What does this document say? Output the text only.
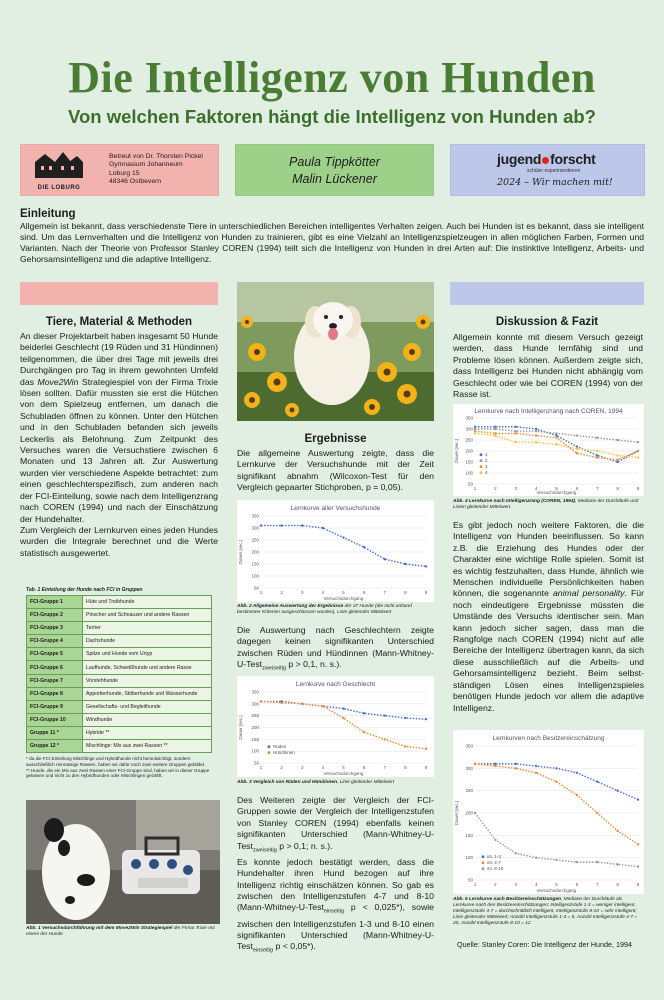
Die Intelligenz von Hunden
Von welchen Faktoren hängt die Intelligenz von Hunden ab?
DIE LOBURG
Betreut von Dr. Thorsten Pickel
Gymnasium Johanneum
Loburg 15
48346 Ostbevern
Paula Tippkötter
Malin Lückener
jugend forscht
schüler experimentieren
2024 – Wir machen mit!
Einleitung
Allgemein ist bekannt, dass verschiedenste Tiere in unterschiedlichen Bereichen intelligentes Verhalten zeigen. Auch bei Hunden ist es bekannt, dass sie intelligent sind. Um das Lernverhalten und die Intelligenz von Hunden zu trainieren, gibt es eine Vielzahl an Intelligenzspielzeugen in allen möglichen Farben, Formen und Varianten. Nach der Theorie von Professor Stanley COREN (1994) teilt sich die Intelligenz von Hunden in drei Arten auf: Die instinktive Intelligenz, Arbeits- und Gehorsamsintelligenz und die adaptive Intelligenz.
Tiere, Material & Methoden
An dieser Projektarbeit haben insgesamt 50 Hunde beiderlei Geschlecht (19 Rüden und 31 Hündinnen) teilgenommen, die über drei Tage mit jeweils drei Durchgängen pro Tag in ihrem gewohnten Umfeld das Move2Win Strategiespiel von der Firma Trixie lösen sollten. Dafür mussten sie erst die Hütchen von dem Spielzeug entfernen, um danach die Schubladen öffnen zu können. Unter den Hütchen und in den Schubladen befanden sich jeweils Leckerlis als Belohnung. Zum Zeitpunkt des Versuches waren die Versuchstiere zwischen 6 Monaten und 13 Jahren alt. Zur Auswertung wurden vier verschiedene Aspekte betrachtet: zum einen geschlechterspezifisch, zum anderen nach der FCI-Einteilung, sowie nach dem Intelligenzrang nach COREN (1994) und nach der Einschätzung der Hundehalter.
Zum Vergleich der Lernkurven eines jeden Hundes wurden die Integrale berechnet und die Werte statistisch ausgewertet.
Tab. 1 Einteilung der Hunde nach FCI in Gruppen
FCI-Gruppe 1	Hüte und Treibhunde
FCI-Gruppe 2	Pinscher und Schnauzer und andere Rassen
FCI-Gruppe 3	Terrier
FCI-Gruppe 4	Dachshunde
FCI-Gruppe 5	Spitze und Hunde vom Urtyp
FCI-Gruppe 6	Laufhunde, Schweißhunde und andere Rasse
FCI-Gruppe 7	Vorstehhunde
FCI-Gruppe 8	Apportierhunde, Stöberhunde und Wasserhunde
FCI-Gruppe 9	Gesellschafts- und Begleithunde
FCI-Gruppe 10	Windhunde
Gruppe 11 *	Hybride **
Gruppe 12 *	Mischlinge: Mix aus zwei Rassen **
* da die FCI Einteilung Mischlinge und Hybridhunde nicht berücksichtigt, sondern ausschließlich reinrassige Rassen, haben wir dafür noch zwei weitere Gruppen gebildet.
** Hunde, die ein Mix aus zwei Rassen einer FCI-Gruppe sind, haben wir in dieser Gruppe gelassen und nicht zu den Hybridhunden oder Mischlingen gezählt.
Abb. 1 Versuchsdurchführung mit dem Move2Win Strategiespiel der Firma Trixie mit einem der Hunde
Ergebnisse
Die allgemeine Auswertung zeigte, dass die Lernkurve der Versuchshunde mit der Zeit signifikant abnahm (Wilcoxon-Test für den Vergleich gepaarter Stichproben, p = 0,05).
Lernkurve aller Versuchshunde
50
100
150
200
250
300
350
1	2	3	4	5	6	7	8	9
Versuchsdurchgang
Dauer [sec.]
Abb. 2 Allgemeine Auswertung der Ergebnisse der 37 Hunde (die nicht anhand bestimmter Kriterien ausgeschlossen wurden), Linie gleitender Mittelwert
Die Auswertung nach Geschlechtern zeigte dagegen keinen signifikanten Unterschied zwischen Rüden und Hündinnen (Mann-Whitney-U-Test$_{zweiseitig}$ p > 0,1, n. s.).
Lernkurve nach Geschlecht
50
100
150
200
250
300
350
1	2	3	4	5	6	7	8	9
Versuchsdurchgang
Dauer [sec.]
Rüden
Hündinnen
Abb. 3 Vergleich von Rüden und Hündinnen, Linie gleitender Mittelwert
Des Weiteren zeigte der Vergleich der FCI-Gruppen sowie der Vergleich der Intelligenzstufen von Stanley COREN (1994) ebenfalls keinen signifikanten Unterschied (Mann-Whitney-U-Test$_{zweiseitig}$ p > 0,1; n. s.).
Es konnte jedoch bestätigt werden, dass die Hundehalter ihren Hund bezogen auf ihre Intelligenz richtig einschätzen können. So gab es zwischen den Intelligenzstufen 4-7 und 8-10 (Mann-Whitney-U-Test$_{einseitig}$ p < 0,025*), sowie zwischen den Intelligenzstufen 1-3 und 8-10 einen signifikanten Unterschied (Mann-Whitney-U-Test$_{einseitig}$ p < 0,05*).
Diskussion & Fazit
Allgemein konnte mit diesem Versuch gezeigt werden, dass Hunde lernfähig sind und Probleme lösen können. Außerdem zeigte sich, dass Intelligenz bei Hunden nicht abhängig vom Geschlecht oder wie bei COREN (1994) von der Rasse ist.
Lernkurve nach Intelligenzrang nach COREN, 1994
50
100
150
200
250
300
350
1	2	3	4	5	6	7	8	9
Versuchsdurchgang
Dauer [sec.]	1
2
3
4
Abb. 4 Lernkurve nach Intelligenzrang (COREN, 1994), Mediane der Durchläufe und Linien gleitender Mittelwert.
Es gibt jedoch noch weitere Faktoren, die die Intelligenz von Hunden beeinflussen. So kann z.B. die Erziehung des Hundes oder der Charakter eine wichtige Rolle spielen. Somit ist es wichtig festzuhalten, dass Hunde, ähnlich wie Menschen individuelle Persönlichkeiten haben können, die sogenannte animal personality. Für noch eindeutigere Ergebnisse müssten die Umstände des Versuchs identischer sein. Man kann jedoch sicher sagen, dass man die Rangfolge nach COREN (1994) nicht auf alle Bereiche der Intelligenz übertragen kann, da sich diese ausschließlich auf die Arbeits- und Gehorsamsintelligenz bezieht. Beim selbst-ständigen Lösen eines Intelligenzspieles benötigen Hunde jedoch vor allem die adaptive Intelligenz.
Lernkurven nach Besitzereinschätzung
50
100
150
200
250
300
350
1	2	3	4	5	6	7	8	9
Versuchsdurchgang
Dauer [sec.]
int. 1-3
int. 4-7
int. 8-10
Abb. 5 Lernkurve nach Besitzereinschätzungen, Mediane der Durchläufe als Lernkurve nach den Besitzereinschätzungen; Intelligenzstufe 1-3 = weniger intelligent, Intelligenzstufe 4-7 = durchschnittlich intelligent, Intelligenzstufe 8-10 = sehr intelligent; Linie gleitender Mittelwert; Anzahl Intelligenzstufe 1-3 = 5, Anzahl Intelligenzstufe 4-7 = 20, Anzahl Intelligenzstufe 8-10 = 12
Quelle: Stanley Coren: Die Intelligenz der Hunde, 1994
